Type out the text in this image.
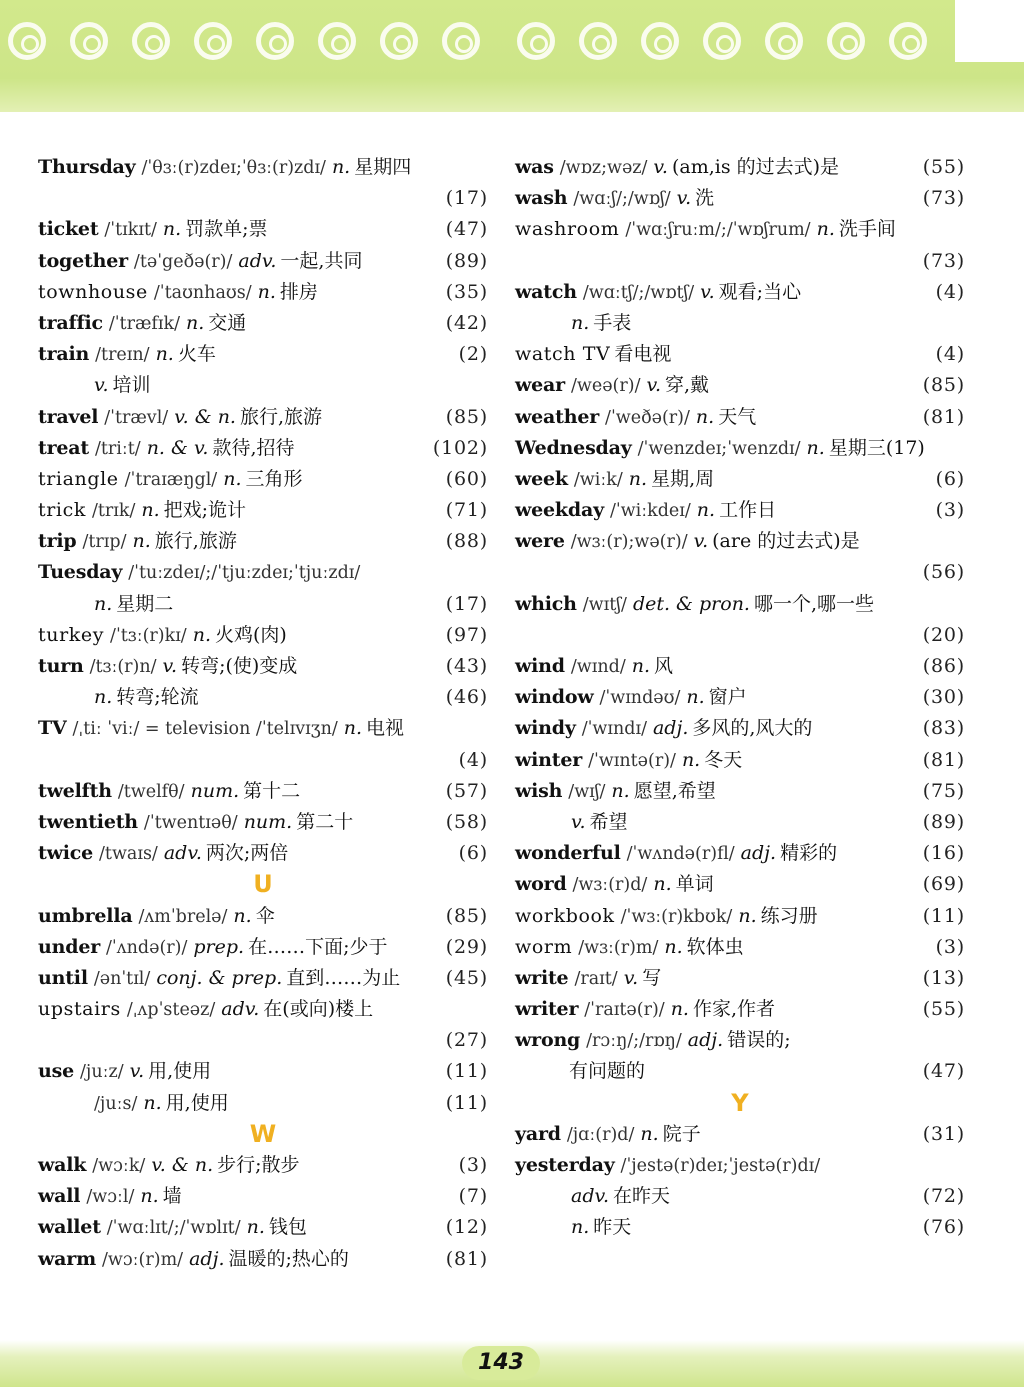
Thursday /ˈθɜː(r)zdeɪ;ˈθɜː(r)zdɪ/ n. 星期四
(17)
ticket /ˈtɪkɪt/ n. 罚款单;票	(47)
together /təˈgeðə(r)/ adv. 一起,共同	(89)
townhouse /ˈtaʊnhaʊs/ n. 排房	(35)
traffic /ˈtræfɪk/ n. 交通	(42)
train /treɪn/ n. 火车	(2)
v. 培训
travel /ˈtrævl/ v. & n. 旅行,旅游	(85)
treat /triːt/ n. & v. 款待,招待	(102)
triangle /ˈtraɪæŋgl/ n. 三角形	(60)
trick /trɪk/ n. 把戏;诡计	(71)
trip /trɪp/ n. 旅行,旅游	(88)
Tuesday /ˈtuːzdeɪ/;/ˈtjuːzdeɪ;ˈtjuːzdɪ/
n. 星期二	(17)
turkey /ˈtɜː(r)kɪ/ n. 火鸡(肉)	(97)
turn /tɜː(r)n/ v. 转弯;(使)变成	(43)
n. 转弯;轮流	(46)
TV /ˌtiː ˈviː/ = television /ˈtelɪvɪʒn/ n. 电视
(4)
twelfth /twelfθ/ num. 第十二	(57)
twentieth /ˈtwentɪəθ/ num. 第二十	(58)
twice /twaɪs/ adv. 两次;两倍	(6)
U
umbrella /ʌmˈbrelə/ n. 伞	(85)
under /ˈʌndə(r)/ prep. 在……下面;少于	(29)
until /ənˈtɪl/ conj. & prep. 直到……为止 (45)
upstairs /ˌʌpˈsteəz/ adv. 在(或向)楼上
(27)
use /juːz/ v. 用,使用	(11)
/juːs/ n. 用,使用	(11)
W
walk /wɔːk/ v. & n. 步行;散步	(3)
wall /wɔːl/ n. 墙	(7)
wallet /ˈwɑːlɪt/;/ˈwɒlɪt/ n. 钱包	(12)
warm /wɔː(r)m/ adj. 温暖的;热心的	(81)
was /wɒz;wəz/ v. (am,is 的过去式)是	(55)
wash /wɑːʃ/;/wɒʃ/ v. 洗	(73)
washroom /ˈwɑːʃruːm/;/ˈwɒʃrum/ n. 洗手间
(73)
watch /wɑːtʃ/;/wɒtʃ/ v. 观看;当心	(4)
n. 手表
watch TV 看电视	(4)
wear /weə(r)/ v. 穿,戴	(85)
weather /ˈweðə(r)/ n. 天气	(81)
Wednesday /ˈwenzdeɪ;ˈwenzdɪ/ n. 星期三(17)
week /wiːk/ n. 星期,周	(6)
weekday /ˈwiːkdeɪ/ n. 工作日	(3)
were /wɜː(r);wə(r)/ v. (are 的过去式)是
(56)
which /wɪtʃ/ det. & pron. 哪一个,哪一些
(20)
wind /wɪnd/ n. 风	(86)
window /ˈwɪndəʊ/ n. 窗户	(30)
windy /ˈwɪndɪ/ adj. 多风的,风大的	(83)
winter /ˈwɪntə(r)/ n. 冬天	(81)
wish /wɪʃ/ n. 愿望,希望	(75)
v. 希望	(89)
wonderful /ˈwʌndə(r)fl/ adj. 精彩的	(16)
word /wɜː(r)d/ n. 单词	(69)
workbook /ˈwɜː(r)kbʊk/ n. 练习册	(11)
worm /wɜː(r)m/ n. 软体虫	(3)
write /raɪt/ v. 写	(13)
writer /ˈraɪtə(r)/ n. 作家,作者	(55)
wrong /rɔːŋ/;/rɒŋ/ adj. 错误的;
有问题的	(47)
Y
yard /jɑː(r)d/ n. 院子	(31)
yesterday /ˈjestə(r)deɪ;ˈjestə(r)dɪ/
adv. 在昨天	(72)
n. 昨天	(76)
143
